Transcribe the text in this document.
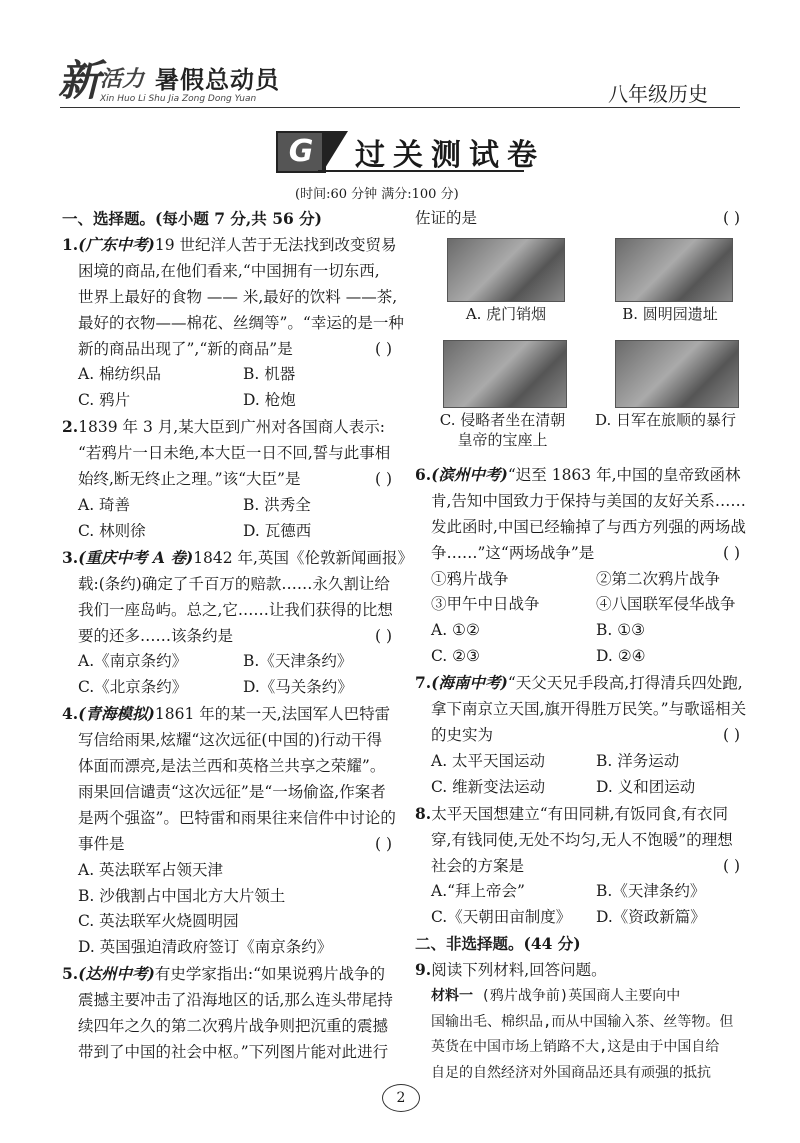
新 活力 暑假总动员
Xin Huo Li Shu Jia Zong Dong Yuan	八年级历史
G	过关测试卷
(时间:60 分钟 满分:100 分)

一、选择题。(每小题 7 分,共 56 分)

1.(广东中考)19 世纪洋人苦于无法找到改变贸易

困境的商品,在他们看来,“中国拥有一切东西,

世界上最好的食物 —— 米,最好的饮料 ——茶,

最好的衣物——棉花、丝绸等”。“幸运的是一种

新的商品出现了”,“新的商品”是	( )

A. 棉纺织品	B. 机器

C. 鸦片	D. 枪炮

2.1839 年 3 月,某大臣到广州对各国商人表示:

“若鸦片一日未绝,本大臣一日不回,誓与此事相

始终,断无终止之理。”该“大臣”是	( )

A. 琦善	B. 洪秀全

C. 林则徐	D. 瓦德西

3.(重庆中考 A 卷)1842 年,英国《伦敦新闻画报》

载:(条约)确定了千百万的赔款……永久割让给

我们一座岛屿。总之,它……让我们获得的比想

要的还多……该条约是	( )

A.《南京条约》	B.《天津条约》

C.《北京条约》	D.《马关条约》

4.(青海模拟)1861 年的某一天,法国军人巴特雷

写信给雨果,炫耀“这次远征(中国的)行动干得

体面而漂亮,是法兰西和英格兰共享之荣耀”。

雨果回信谴责“这次远征”是“一场偷盗,作案者

是两个强盗”。巴特雷和雨果往来信件中讨论的

事件是	( )

A. 英法联军占领天津

B. 沙俄割占中国北方大片领土

C. 英法联军火烧圆明园

D. 英国强迫清政府签订《南京条约》

5.(达州中考)有史学家指出:“如果说鸦片战争的

震撼主要冲击了沿海地区的话,那么连头带尾持

续四年之久的第二次鸦片战争则把沉重的震撼

带到了中国的社会中枢。”下列图片能对此进行

佐证的是	( )

A. 虎门销烟	B. 圆明园遗址
C. 侵略者坐在清朝
皇帝的宝座上
D. 日军在旅顺的暴行

6.(滨州中考)“迟至 1863 年,中国的皇帝致函林

肯,告知中国致力于保持与美国的友好关系……

发此函时,中国已经输掉了与西方列强的两场战

争……”这“两场战争”是	( )

①鸦片战争	②第二次鸦片战争

③甲午中日战争	④八国联军侵华战争

A. ①②	B. ①③

C. ②③	D. ②④

7.(海南中考)“天父天兄手段高,打得清兵四处跑,

拿下南京立天国,旗开得胜万民笑。”与歌谣相关

的史实为	( )

A. 太平天国运动	B. 洋务运动

C. 维新变法运动	D. 义和团运动

8.太平天国想建立“有田同耕,有饭同食,有衣同

穿,有钱同使,无处不均匀,无人不饱暖”的理想

社会的方案是	( )

A.“拜上帝会”	B.《天津条约》

C.《天朝田亩制度》	D.《资政新篇》

二、非选择题。(44 分)

9.阅读下列材料,回答问题。

材料一 (鸦片战争前)英国商人主要向中

国输出毛、棉织品,而从中国输入茶、丝等物。但

英货在中国市场上销路不大,这是由于中国自给

自足的自然经济对外国商品还具有顽强的抵抗

2
